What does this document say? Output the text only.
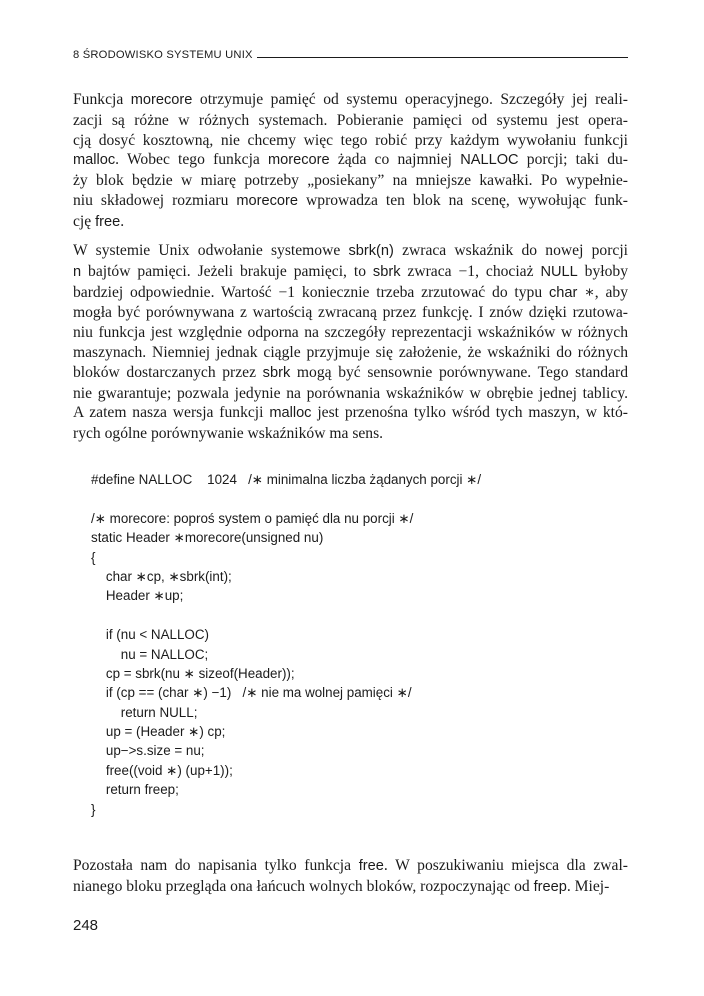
8 ŚRODOWISKO SYSTEMU UNIX
Funkcja morecore otrzymuje pamięć od systemu operacyjnego. Szczegóły jej reali-
zacji są różne w różnych systemach. Pobieranie pamięci od systemu jest opera-
cją dosyć kosztowną, nie chcemy więc tego robić przy każdym wywołaniu funkcji
malloc. Wobec tego funkcja morecore żąda co najmniej NALLOC porcji; taki du-
ży blok będzie w miarę potrzeby „posiekany” na mniejsze kawałki. Po wypełnie-
niu składowej rozmiaru morecore wprowadza ten blok na scenę, wywołując funk-
cję free.
W systemie Unix odwołanie systemowe sbrk(n) zwraca wskaźnik do nowej porcji
n bajtów pamięci. Jeżeli brakuje pamięci, to sbrk zwraca −1, chociaż NULL byłoby
bardziej odpowiednie. Wartość −1 koniecznie trzeba zrzutować do typu char ∗, aby
mogła być porównywana z wartością zwracaną przez funkcję. I znów dzięki rzutowa-
niu funkcja jest względnie odporna na szczegóły reprezentacji wskaźników w różnych
maszynach. Niemniej jednak ciągle przyjmuje się założenie, że wskaźniki do różnych
bloków dostarczanych przez sbrk mogą być sensownie porównywane. Tego standard
nie gwarantuje; pozwala jedynie na porównania wskaźników w obrębie jednej tablicy.
A zatem nasza wersja funkcji malloc jest przenośna tylko wśród tych maszyn, w któ-
rych ogólne porównywanie wskaźników ma sens.
#define NALLOC    1024   /∗ minimalna liczba żądanych porcji ∗/
/∗ morecore: poproś system o pamięć dla nu porcji ∗/
static Header ∗morecore(unsigned nu)
{
char ∗cp, ∗sbrk(int);
Header ∗up;
if (nu < NALLOC)
nu = NALLOC;
cp = sbrk(nu ∗ sizeof(Header));
if (cp == (char ∗) −1)   /∗ nie ma wolnej pamięci ∗/
return NULL;
up = (Header ∗) cp;
up−>s.size = nu;
free((void ∗) (up+1));
return freep;
}
Pozostała nam do napisania tylko funkcja free. W poszukiwaniu miejsca dla zwal-
nianego bloku przegląda ona łańcuch wolnych bloków, rozpoczynając od freep. Miej-
248
